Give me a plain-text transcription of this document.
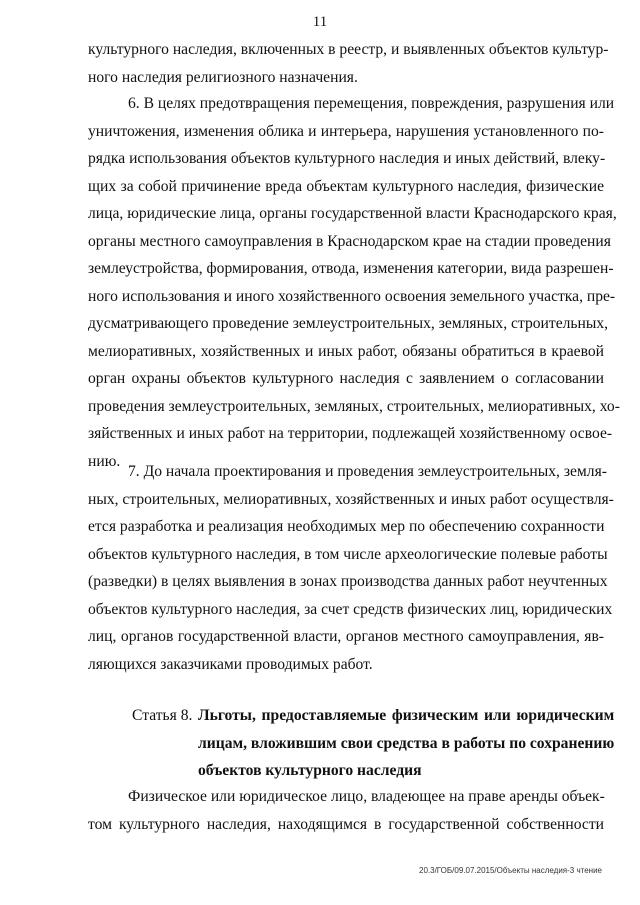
11

культурного наследия, включенных в реестр, и выявленных объектов культур-
ного наследия религиозного назначения.

6. В целях предотвращения перемещения, повреждения, разрушения или
уничтожения, изменения облика и интерьера, нарушения установленного по-
рядка использования объектов культурного наследия и иных действий, влеку-
щих за собой причинение вреда объектам культурного наследия, физические
лица, юридические лица, органы государственной власти Краснодарского края,
органы местного самоуправления в Краснодарском крае на стадии проведения
землеустройства, формирования, отвода, изменения категории, вида разрешен-
ного использования и иного хозяйственного освоения земельного участка, пре-
дусматривающего проведение землеустроительных, земляных, строительных,
мелиоративных, хозяйственных и иных работ, обязаны обратиться в краевой
орган охраны объектов культурного наследия с заявлением о согласовании
проведения землеустроительных, земляных, строительных, мелиоративных, хо-
зяйственных и иных работ на территории, подлежащей хозяйственному освое-
нию.

7. До начала проектирования и проведения землеустроительных, земля-
ных, строительных, мелиоративных, хозяйственных и иных работ осуществля-
ется разработка и реализация необходимых мер по обеспечению сохранности
объектов культурного наследия, в том числе археологические полевые работы
(разведки) в целях выявления в зонах производства данных работ неучтенных
объектов культурного наследия, за счет средств физических лиц, юридических
лиц, органов государственной власти, органов местного самоуправления, яв-
ляющихся заказчиками проводимых работ.

Статья 8. Льготы, предоставляемые физическим или юридическим
лицам, вложившим свои средства в работы по сохранению
объектов культурного наследия

Физическое или юридическое лицо, владеющее на праве аренды объек-
том культурного наследия, находящимся в государственной собственности

20.3/ГОБ/09.07.2015/Объекты наследия-3 чтение
